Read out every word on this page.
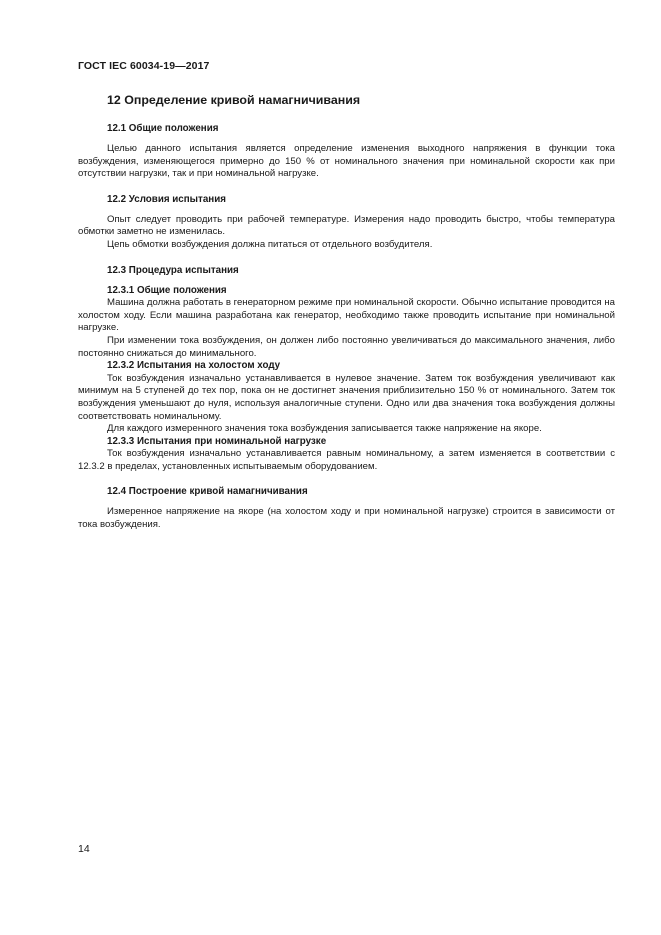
ГОСТ IEC 60034-19—2017
12 Определение кривой намагничивания
12.1 Общие положения

Целью данного испытания является определение изменения выходного напряжения в функции тока возбуждения, изменяющегося примерно до 150 % от номинального значения при номинальной скорости как при отсутствии нагрузки, так и при номинальной нагрузке.

12.2 Условия испытания

Опыт следует проводить при рабочей температуре. Измерения надо проводить быстро, чтобы температура обмотки заметно не изменилась.

Цепь обмотки возбуждения должна питаться от отдельного возбудителя.

12.3 Процедура испытания
12.3.1 Общие положения

Машина должна работать в генераторном режиме при номинальной скорости. Обычно испытание проводится на холостом ходу. Если машина разработана как генератор, необходимо также проводить испытание при номинальной нагрузке.

При изменении тока возбуждения, он должен либо постоянно увеличиваться до максимального значения, либо постоянно снижаться до минимального.

12.3.2 Испытания на холостом ходу

Ток возбуждения изначально устанавливается в нулевое значение. Затем ток возбуждения увеличивают как минимум на 5 ступеней до тех пор, пока он не достигнет значения приблизительно 150 % от номинального. Затем ток возбуждения уменьшают до нуля, используя аналогичные ступени. Одно или два значения тока возбуждения должны соответствовать номинальному.

Для каждого измеренного значения тока возбуждения записывается также напряжение на якоре.

12.3.3 Испытания при номинальной нагрузке

Ток возбуждения изначально устанавливается равным номинальному, а затем изменяется в соответствии с 12.3.2 в пределах, установленных испытываемым оборудованием.

12.4 Построение кривой намагничивания

Измеренное напряжение на якоре (на холостом ходу и при номинальной нагрузке) строится в зависимости от тока возбуждения.

14
